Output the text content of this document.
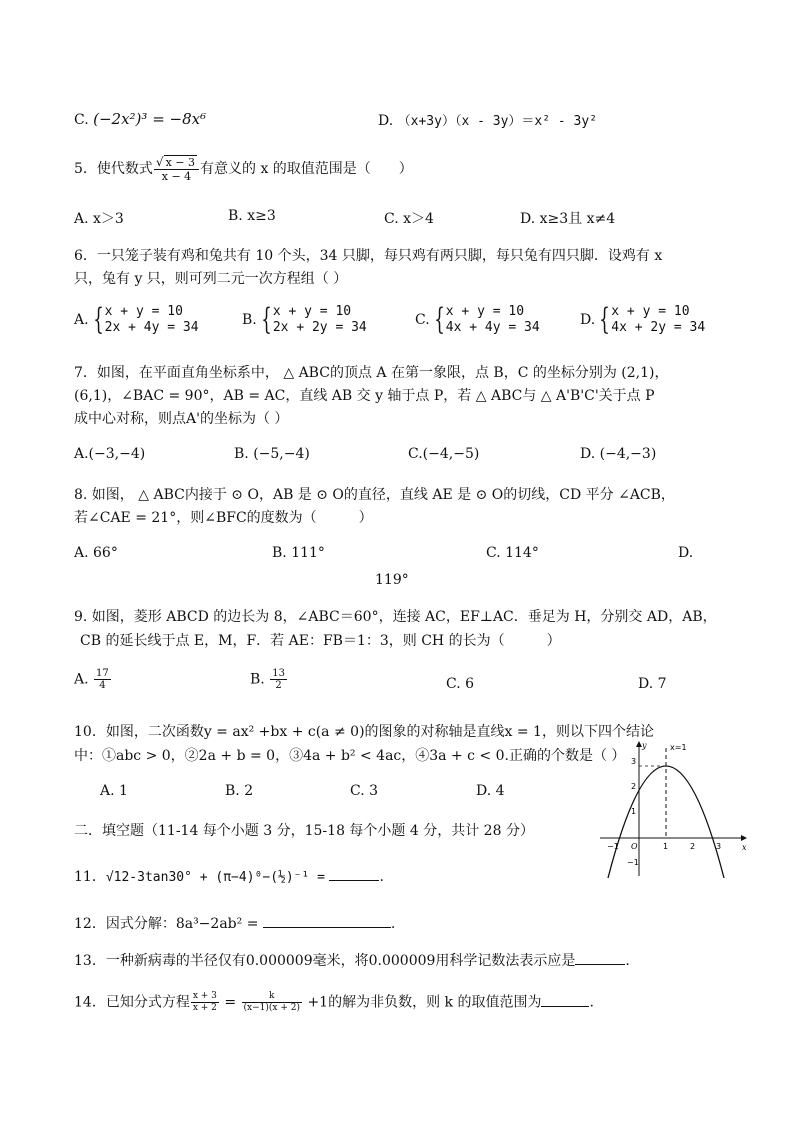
C. (−2x²)³ = −8x⁶	D. （x+3y）（x - 3y）＝x² - 3y²
5．使代数式 $\frac{√ x - 3}{x - 4}$ 有意义的 x 的取值范围是（　　）
A. x＞3	B. x≥3	C. x＞4	D. x≥3且 x≠4
6．一只笼子装有鸡和兔共有 10 个头，34 只脚，每只鸡有两只脚，每只兔有四只脚．设鸡有 x
只，兔有 y 只，则可列二元一次方程组（ ）
A. {x + y = 10
2x + 4y = 34	B. {x + y = 10
2x + 2y = 34	C. {x + y = 10
4x + 4y = 34	D. {x + y = 10
4x + 2y = 34
7．如图，在平面直角坐标系中， △ ABC的顶点 A 在第一象限，点 B，C 的坐标分别为 (2,1)，
(6,1)，∠BAC = 90°，AB = AC，直线 AB 交 y 轴于点 P，若 △ ABC与 △ A'B'C'关于点 P
成中心对称，则点A'的坐标为（ ）
A.(−3,−4)	B. (−5,−4)	C.(−4,−5)	D. (−4,−3)
8. 如图， △ ABC内接于 ⊙ O，AB 是 ⊙ O的直径，直线 AE 是 ⊙ O的切线，CD 平分 ∠ACB，
若∠CAE = 21°，则∠BFC的度数为（　　　）
A. 66°	B. 111°	C. 114°	D.
119°
9. 如图，菱形 ABCD 的边长为 8，∠ABC＝60°，连接 AC，EF⊥AC．垂足为 H，分别交 AD，AB，
CB 的延长线于点 E，M，F．若 AE：FB＝1：3，则 CH 的长为（　　　）
A. $\frac{17}{4}$	B. $\frac{13}{2}$	C. 6	D. 7
10．如图，二次函数y = ax² +bx + c(a ≠ 0)的图象的对称轴是直线x = 1，则以下四个结论
中：①abc > 0，②2a + b = 0，③4a + b² < 4ac，④3a + c < 0.正确的个数是（ ）
A. 1	B. 2	C. 3	D. 4
x=1
y
x
3
2
1
−1
−1 O	1	2	3
二．填空题（11-14 每个小题 3 分，15-18 每个小题 4 分，共计 28 分）
11．√12-3tan30° + (π−4)⁰−(½)⁻¹ =	.
12．因式分解：8a³−2ab² =	.
13．一种新病毒的半径仅有0.000009毫米，将0.000009用科学记数法表示应是	.
14．已知分式方程 $\frac{x + 3}{x + 2} = \frac{k}{(x-1)(x + 2)} +1$的解为非负数，则 k 的取值范围为	.
